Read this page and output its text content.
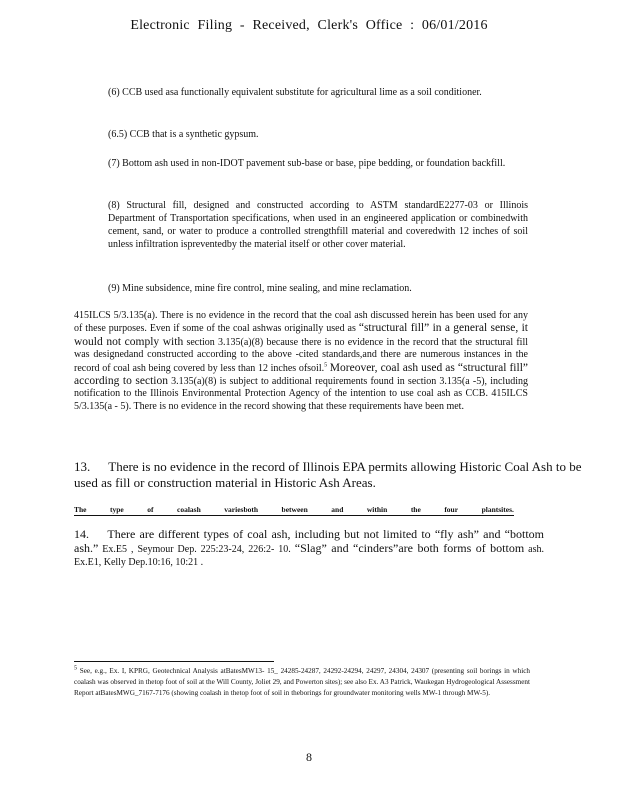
Electronic Filing - Received, Clerk's Office : 06/01/2016
(6) CCB used asa functionally equivalent substitute for agricultural lime as a soil conditioner.
(6.5) CCB that is a synthetic gypsum.
(7) Bottom ash used in non-IDOT pavement sub-base or base, pipe bedding, or foundation backfill.
(8) Structural fill, designed and constructed according to ASTM standardE2277-03 or Illinois Department of Transportation specifications, when used in an engineered application or combinedwith cement, sand, or water to produce a controlled strengthfill material and coveredwith 12 inches of soil unless infiltration ispreventedby the material itself or other cover material.
(9) Mine subsidence, mine fire control, mine sealing, and mine reclamation.
415ILCS 5/3.135(a). There is no evidence in the record that the coal ash discussed herein has been used for any of these purposes. Even if some of the coal ashwas originally used as “structural fill” in a general sense, it would not comply with section 3.135(a)(8) because there is no evidence in the record that the structural fill was designedand constructed according to the above -cited standards,and there are numerous instances in the record of coal ash being covered by less than 12 inches ofsoil.$^5$ Moreover, coal ash used as “structural fill” according to section 3.135(a)(8) is subject to additional requirements found in section 3.135(a -5), including notification to the Illinois Environmental Protection Agency of the intention to use coal ash as CCB. 415ILCS 5/3.135(a - 5). There is no evidence in the record showing that these requirements have been met.
13. There is no evidence in the record of Illinois EPA permits allowing Historic Coal Ash to be used as fill or construction material in Historic Ash Areas.
The	type	of	coalash	variesboth	between	and	within	the	four	plantsites.
14. There are different types of coal ash, including but not limited to “fly ash” and “bottom ash.” Ex.E5 , Seymour Dep. 225:23-24, 226:2- 10. “Slag” and “cinders”are both forms of bottom ash. Ex.E1, Kelly Dep.10:16, 10:21 .
$^5$ See, e.g., Ex. I, KPRG, Geotechnical Analysis atBatesMW13- 15_ 24285-24287, 24292-24294, 24297, 24304, 24307 (presenting soil borings in which coalash was observed in thetop foot of soil at the Will County, Joliet 29, and Powerton sites); see also Ex. A3 Patrick, Waukegan Hydrogeological Assessment Report atBatesMWG_7167-7176 (showing coalash in thetop foot of soil in theborings for groundwater monitoring wells MW-1 through MW-5).
8
